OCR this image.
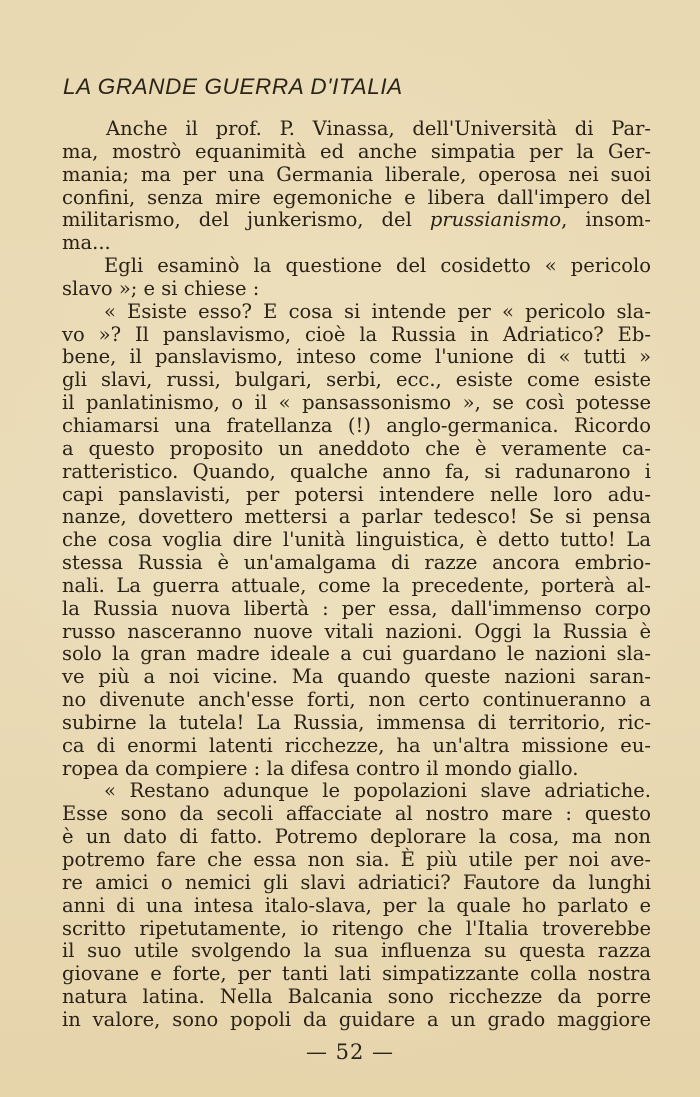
LA GRANDE GUERRA D'ITALIA
Anche il prof. P. Vinassa, dell'Università di Par-
ma, mostrò equanimità ed anche simpatia per la Ger-
mania; ma per una Germania liberale, operosa nei suoi
confini, senza mire egemoniche e libera dall'impero del
militarismo, del junkerismo, del prussianismo, insom-
ma...
Egli esaminò la questione del cosidetto « pericolo
slavo »; e si chiese :
« Esiste esso? E cosa si intende per « pericolo sla-
vo »? Il panslavismo, cioè la Russia in Adriatico? Eb-
bene, il panslavismo, inteso come l'unione di « tutti »
gli slavi, russi, bulgari, serbi, ecc., esiste come esiste
il panlatinismo, o il « pansassonismo », se così potesse
chiamarsi una fratellanza (!) anglo-germanica. Ricordo
a questo proposito un aneddoto che è veramente ca-
ratteristico. Quando, qualche anno fa, si radunarono i
capi panslavisti, per potersi intendere nelle loro adu-
nanze, dovettero mettersi a parlar tedesco! Se si pensa
che cosa voglia dire l'unità linguistica, è detto tutto! La
stessa Russia è un'amalgama di razze ancora embrio-
nali. La guerra attuale, come la precedente, porterà al-
la Russia nuova libertà : per essa, dall'immenso corpo
russo nasceranno nuove vitali nazioni. Oggi la Russia è
solo la gran madre ideale a cui guardano le nazioni sla-
ve più a noi vicine. Ma quando queste nazioni saran-
no divenute anch'esse forti, non certo continueranno a
subirne la tutela! La Russia, immensa di territorio, ric-
ca di enormi latenti ricchezze, ha un'altra missione eu-
ropea da compiere : la difesa contro il mondo giallo.
« Restano adunque le popolazioni slave adriatiche.
Esse sono da secoli affacciate al nostro mare : questo
è un dato di fatto. Potremo deplorare la cosa, ma non
potremo fare che essa non sia. È più utile per noi ave-
re amici o nemici gli slavi adriatici? Fautore da lunghi
anni di una intesa italo-slava, per la quale ho parlato e
scritto ripetutamente, io ritengo che l'Italia troverebbe
il suo utile svolgendo la sua influenza su questa razza
giovane e forte, per tanti lati simpatizzante colla nostra
natura latina. Nella Balcania sono ricchezze da porre
in valore, sono popoli da guidare a un grado maggiore
— 52 —
